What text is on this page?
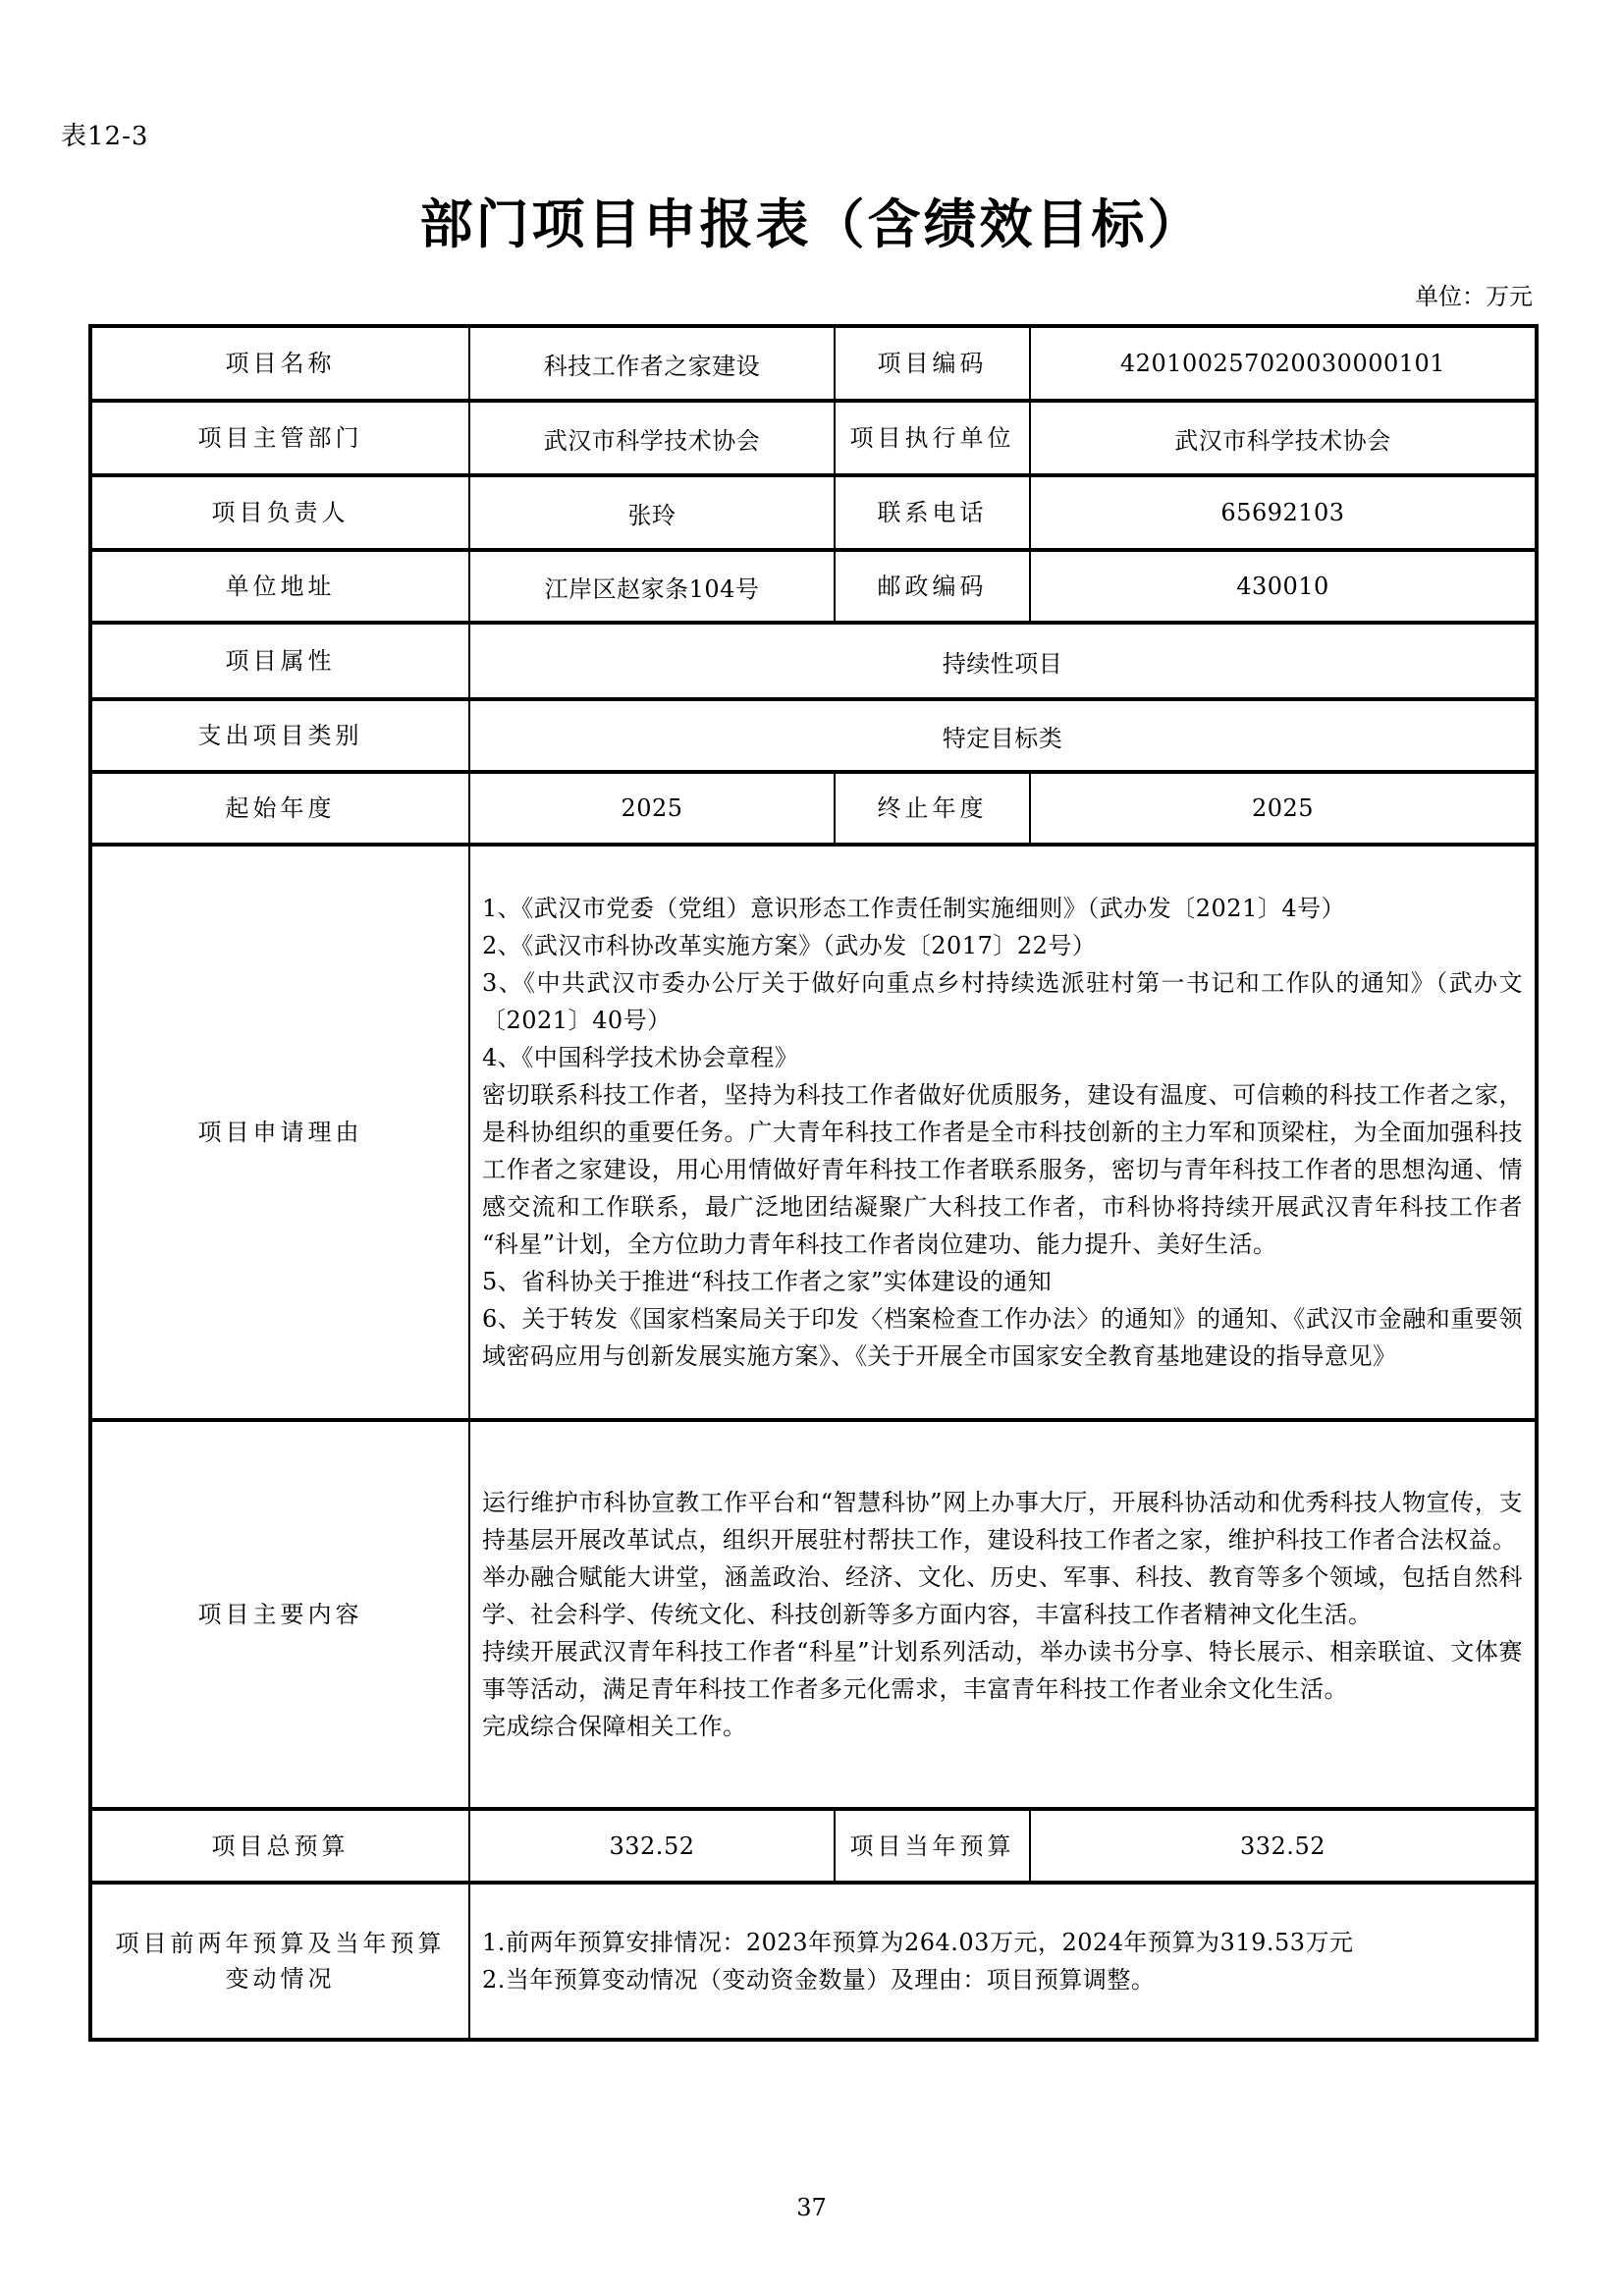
表12-3
部门项目申报表（含绩效目标）
单位：万元
项目名称	科技工作者之家建设	项目编码	420100257020030000101
项目主管部门	武汉市科学技术协会	项目执行单位	武汉市科学技术协会
项目负责人	张玲	联系电话	65692103
单位地址	江岸区赵家条104号	邮政编码	430010
项目属性	持续性项目		
支出项目类别	特定目标类		
起始年度	2025	终止年度	2025
项目申请理由	1、《武汉市党委（党组）意识形态工作责任制实施细则》（武办发〔2021〕4号）
2、《武汉市科协改革实施方案》（武办发〔2017〕22号）
3、《中共武汉市委办公厅关于做好向重点乡村持续选派驻村第一书记和工作队的通知》（武办文〔2021〕40号）
4、《中国科学技术协会章程》
密切联系科技工作者，坚持为科技工作者做好优质服务，建设有温度、可信赖的科技工作者之家，是科协组织的重要任务。广大青年科技工作者是全市科技创新的主力军和顶梁柱，为全面加强科技工作者之家建设，用心用情做好青年科技工作者联系服务，密切与青年科技工作者的思想沟通、情感交流和工作联系，最广泛地团结凝聚广大科技工作者，市科协将持续开展武汉青年科技工作者“科星”计划，全方位助力青年科技工作者岗位建功、能力提升、美好生活。
5、省科协关于推进“科技工作者之家”实体建设的通知
6、关于转发《国家档案局关于印发〈档案检查工作办法〉的通知》的通知、《武汉市金融和重要领域密码应用与创新发展实施方案》、《关于开展全市国家安全教育基地建设的指导意见》
项目主要内容	运行维护市科协宣教工作平台和“智慧科协”网上办事大厅，开展科协活动和优秀科技人物宣传，支持基层开展改革试点，组织开展驻村帮扶工作，建设科技工作者之家，维护科技工作者合法权益。
举办融合赋能大讲堂，涵盖政治、经济、文化、历史、军事、科技、教育等多个领域，包括自然科学、社会科学、传统文化、科技创新等多方面内容，丰富科技工作者精神文化生活。
持续开展武汉青年科技工作者“科星”计划系列活动，举办读书分享、特长展示、相亲联谊、文体赛事等活动，满足青年科技工作者多元化需求，丰富青年科技工作者业余文化生活。
完成综合保障相关工作。		
项目总预算	332.52	项目当年预算	332.52
项目前两年预算及当年预算
变动情况	1.前两年预算安排情况：2023年预算为264.03万元，2024年预算为319.53万元
2.当年预算变动情况（变动资金数量）及理由：项目预算调整。		
37
